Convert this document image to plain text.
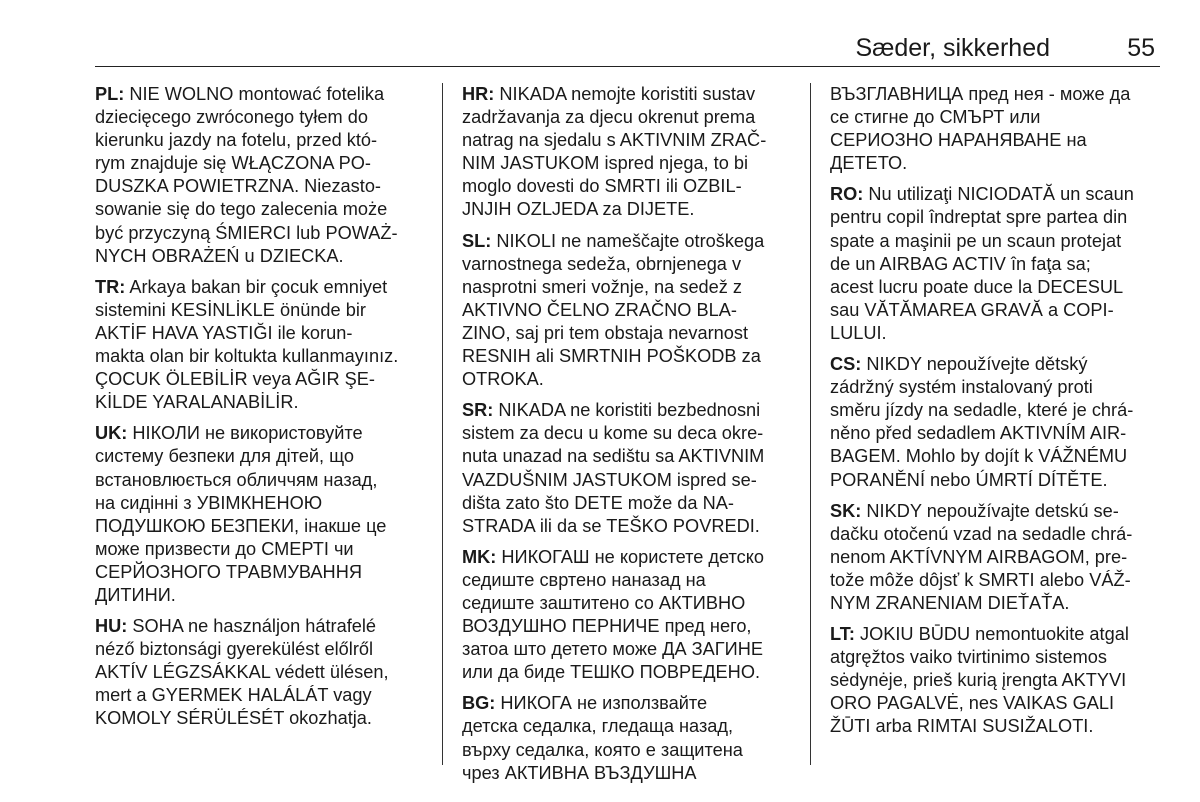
Sæder, sikkerhed	55
PL: NIE WOLNO montować fotelika
dziecięcego zwróconego tyłem do
kierunku jazdy na fotelu, przed któ-
rym znajduje się WŁĄCZONA PO-
DUSZKA POWIETRZNA. Niezasto-
sowanie się do tego zalecenia może
być przyczyną ŚMIERCI lub POWAŻ-
NYCH OBRAŻEŃ u DZIECKA.
TR: Arkaya bakan bir çocuk emniyet
sistemini KESİNLİKLE önünde bir
AKTİF HAVA YASTIĞI ile korun-
makta olan bir koltukta kullanmayınız.
ÇOCUK ÖLEBİLİR veya AĞIR ŞE-
KİLDE YARALANABİLİR.
UK: НІКОЛИ не використовуйте
систему безпеки для дітей, що
встановлюється обличчям назад,
на сидінні з УВІМКНЕНОЮ
ПОДУШКОЮ БЕЗПЕКИ, інакше це
може призвести до СМЕРТІ чи
СЕРЙОЗНОГО ТРАВМУВАННЯ
ДИТИНИ.
HU: SOHA ne használjon hátrafelé
néző biztonsági gyerekülést előlről
AKTÍV LÉGZSÁKKAL védett ülésen,
mert a GYERMEK HALÁLÁT vagy
KOMOLY SÉRÜLÉSÉT okozhatja.
HR: NIKADA nemojte koristiti sustav
zadržavanja za djecu okrenut prema
natrag na sjedalu s AKTIVNIM ZRAČ-
NIM JASTUKOM ispred njega, to bi
moglo dovesti do SMRTI ili OZBIL-
JNJIH OZLJEDA za DIJETE.
SL: NIKOLI ne nameščajte otroškega
varnostnega sedeža, obrnjenega v
nasprotni smeri vožnje, na sedež z
AKTIVNO ČELNO ZRAČNO BLA-
ZINO, saj pri tem obstaja nevarnost
RESNIH ali SMRTNIH POŠKODB za
OTROKA.
SR: NIKADA ne koristiti bezbednosni
sistem za decu u kome su deca okre-
nuta unazad na sedištu sa AKTIVNIM
VAZDUŠNIM JASTUKOM ispred se-
dišta zato što DETE može da NA-
STRADA ili da se TEŠKO POVREDI.
MK: НИКОГАШ не користете детско
седиште свртено наназад на
седиште заштитено со АКТИВНО
ВОЗДУШНО ПЕРНИЧЕ пред него,
затоа што детето може ДА ЗАГИНЕ
или да биде ТЕШКО ПОВРЕДЕНО.
BG: НИКОГА не използвайте
детска седалка, гледаща назад,
върху седалка, която е защитена
чрез АКТИВНА ВЪЗДУШНА
ВЪЗГЛАВНИЦА пред нея - може да
се стигне до СМЪРТ или
СЕРИОЗНО НАРАНЯВАНЕ на
ДЕТЕТО.
RO: Nu utilizaţi NICIODATĂ un scaun
pentru copil îndreptat spre partea din
spate a maşinii pe un scaun protejat
de un AIRBAG ACTIV în faţa sa;
acest lucru poate duce la DECESUL
sau VĂTĂMAREA GRAVĂ a COPI-
LULUI.
CS: NIKDY nepoužívejte dětský
zádržný systém instalovaný proti
směru jízdy na sedadle, které je chrá-
něno před sedadlem AKTIVNÍM AIR-
BAGEM. Mohlo by dojít k VÁŽNÉMU
PORANĚNÍ nebo ÚMRTÍ DÍTĚTE.
SK: NIKDY nepoužívajte detskú se-
dačku otočenú vzad na sedadle chrá-
nenom AKTÍVNYM AIRBAGOM, pre-
tože môže dôjsť k SMRTI alebo VÁŽ-
NYM ZRANENIAM DIEŤAŤA.
LT: JOKIU BŪDU nemontuokite atgal
atgręžtos vaiko tvirtinimo sistemos
sėdynėje, prieš kurią įrengta AKTYVI
ORO PAGALVĖ, nes VAIKAS GALI
ŽŪTI arba RIMTAI SUSIŽALOTI.
